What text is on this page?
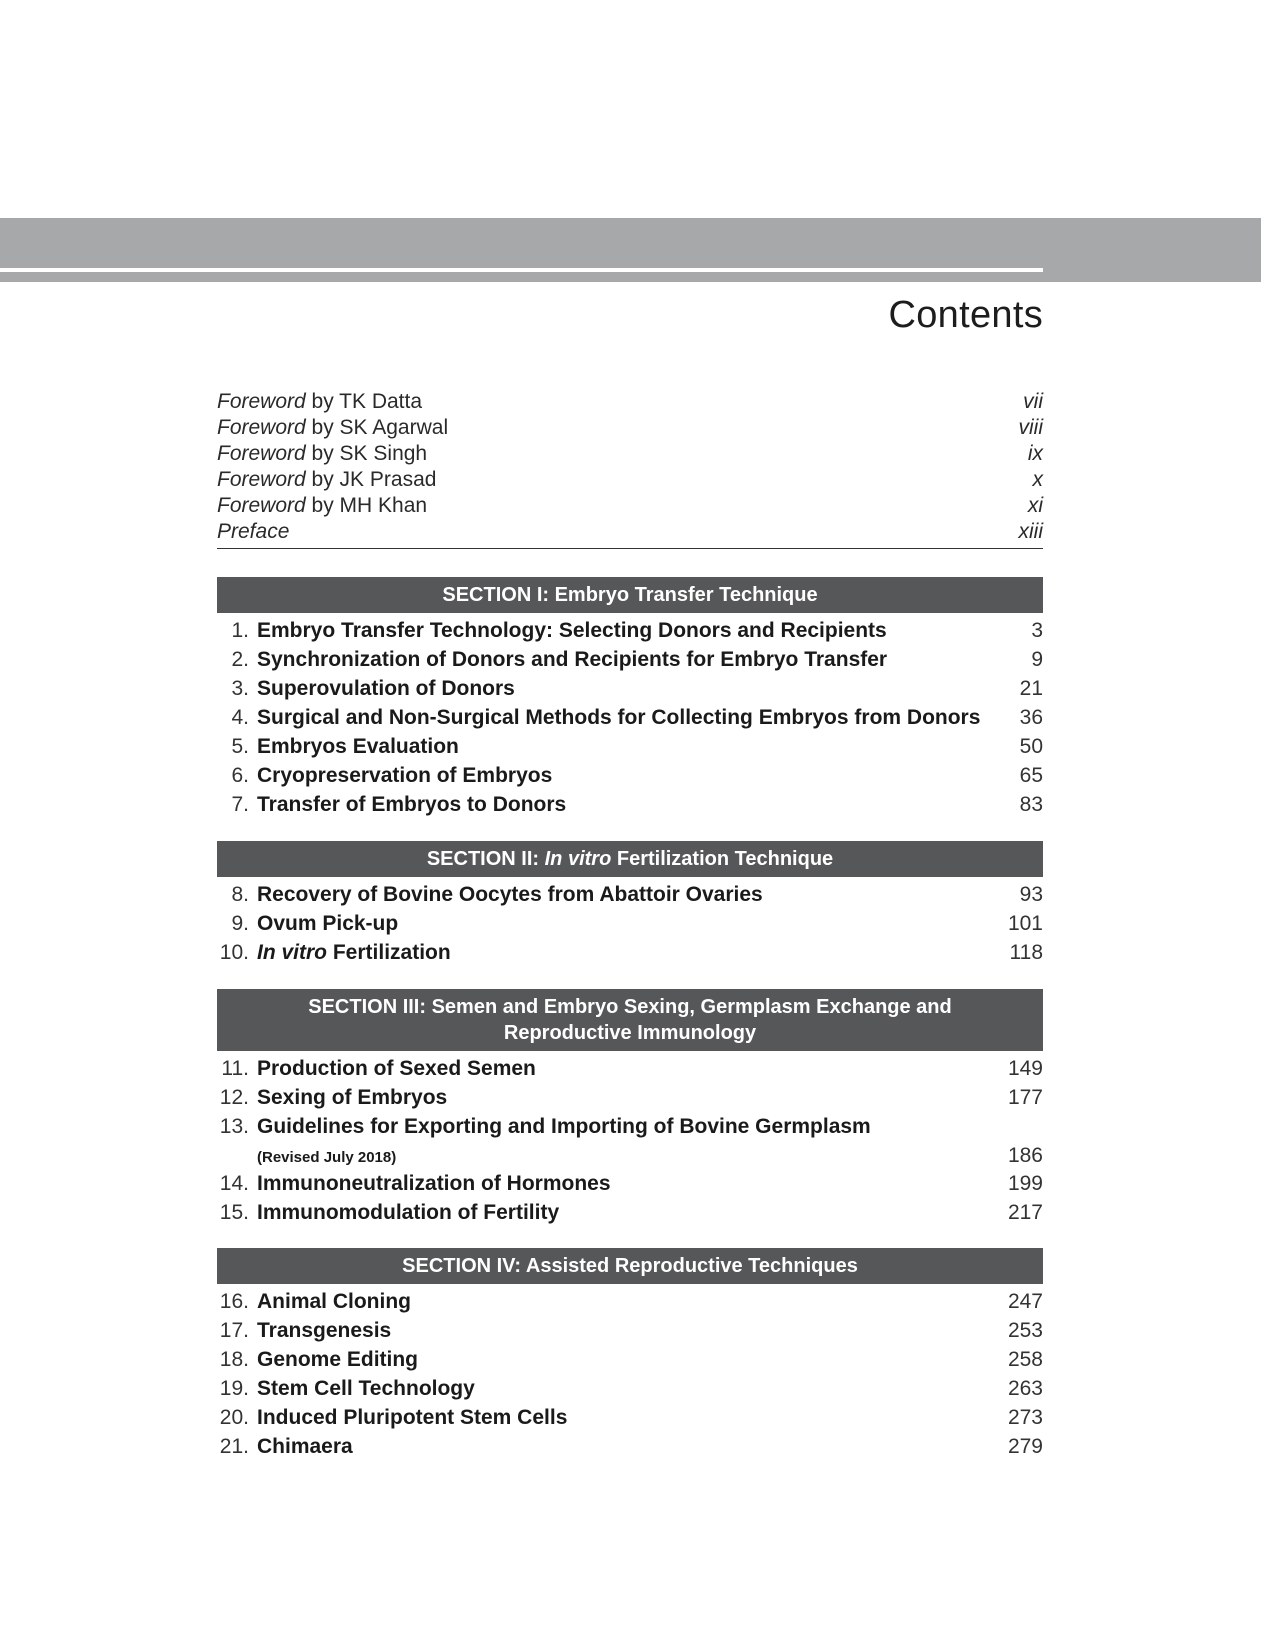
Contents
Foreword by TK Datta	vii
Foreword by SK Agarwal	viii
Foreword by SK Singh	ix
Foreword by JK Prasad	x
Foreword by MH Khan	xi
Preface	xiii
SECTION I: Embryo Transfer Technique
1. Embryo Transfer Technology: Selecting Donors and Recipients	3
2. Synchronization of Donors and Recipients for Embryo Transfer	9
3. Superovulation of Donors	21
4. Surgical and Non-Surgical Methods for Collecting Embryos from Donors	36
5. Embryos Evaluation	50
6. Cryopreservation of Embryos	65
7. Transfer of Embryos to Donors	83
SECTION II: In vitro Fertilization Technique
8. Recovery of Bovine Oocytes from Abattoir Ovaries	93
9. Ovum Pick-up	101
10. In vitro Fertilization	118
SECTION III: Semen and Embryo Sexing, Germplasm Exchange and Reproductive Immunology
11. Production of Sexed Semen	149
12. Sexing of Embryos	177
13. Guidelines for Exporting and Importing of Bovine Germplasm
(Revised July 2018)	186
14. Immunoneutralization of Hormones	199
15. Immunomodulation of Fertility	217
SECTION IV: Assisted Reproductive Techniques
16. Animal Cloning	247
17. Transgenesis	253
18. Genome Editing	258
19. Stem Cell Technology	263
20. Induced Pluripotent Stem Cells	273
21. Chimaera	279
